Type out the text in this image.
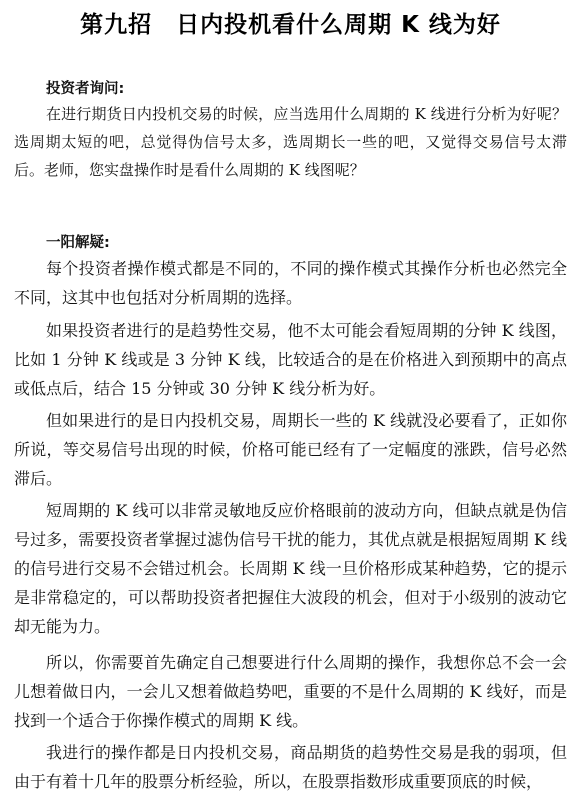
第九招　日内投机看什么周期 K 线为好
投资者询问:
在进行期货日内投机交易的时候，应当选用什么周期的 K 线进行分析为好呢？选周期太短的吧，总觉得伪信号太多，选周期长一些的吧，又觉得交易信号太滞后。老师，您实盘操作时是看什么周期的 K 线图呢？
一阳解疑:

每个投资者操作模式都是不同的，不同的操作模式其操作分析也必然完全不同，这其中也包括对分析周期的选择。

如果投资者进行的是趋势性交易，他不太可能会看短周期的分钟 K 线图，比如 1 分钟 K 线或是 3 分钟 K 线，比较适合的是在价格进入到预期中的高点或低点后，结合 15 分钟或 30 分钟 K 线分析为好。

但如果进行的是日内投机交易，周期长一些的 K 线就没必要看了，正如你所说，等交易信号出现的时候，价格可能已经有了一定幅度的涨跌，信号必然滞后。

短周期的 K 线可以非常灵敏地反应价格眼前的波动方向，但缺点就是伪信号过多，需要投资者掌握过滤伪信号干扰的能力，其优点就是根据短周期 K 线的信号进行交易不会错过机会。长周期 K 线一旦价格形成某种趋势，它的提示是非常稳定的，可以帮助投资者把握住大波段的机会，但对于小级别的波动它却无能为力。

所以，你需要首先确定自己想要进行什么周期的操作，我想你总不会一会儿想着做日内，一会儿又想着做趋势吧，重要的不是什么周期的 K 线好，而是找到一个适合于你操作模式的周期 K 线。

我进行的操作都是日内投机交易，商品期货的趋势性交易是我的弱项，但由于有着十几年的股票分析经验，所以，在股票指数形成重要顶底的时候，
